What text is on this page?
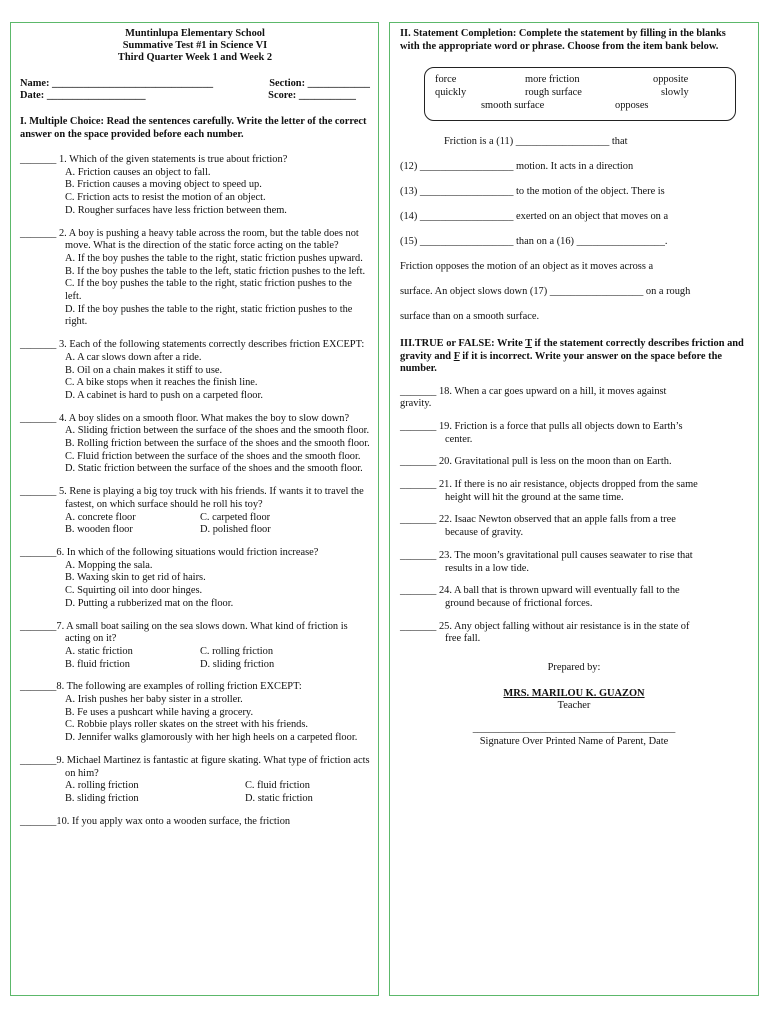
Muntinlupa Elementary School
Summative Test #1 in Science VI
Third Quarter Week 1 and Week 2
Name: _______________________________	Section: ____________
Date: ___________________	Score: ___________
I. Multiple Choice: Read the sentences carefully. Write the letter of the correct answer on the space provided before each number.
_______ 1. Which of the given statements is true about friction?
A. Friction causes an object to fall.
B. Friction causes a moving object to speed up.
C. Friction acts to resist the motion of an object.
D. Rougher surfaces have less friction between them.
_______ 2. A boy is pushing a heavy table across the room, but the table does not move. What is the direction of the static force acting on the table?
A. If the boy pushes the table to the right, static friction pushes upward.
B. If the boy pushes the table to the left, static friction pushes to the left.
C. If the boy pushes the table to the right, static friction pushes to the left.
D. If the boy pushes the table to the right, static friction pushes to the right.
_______ 3. Each of the following statements correctly describes friction EXCEPT:
A. A car slows down after a ride.
B. Oil on a chain makes it stiff to use.
C. A bike stops when it reaches the finish line.
D. A cabinet is hard to push on a carpeted floor.
_______ 4. A boy slides on a smooth floor. What makes the boy to slow down?
A. Sliding friction between the surface of the shoes and the smooth floor.
B. Rolling friction between the surface of the shoes and the smooth floor.
C. Fluid friction between the surface of the shoes and the smooth floor.
D. Static friction between the surface of the shoes and the smooth floor.
_______ 5. Rene is playing a big toy truck with his friends. If wants it to travel the fastest, on which surface should he roll his toy?
A. concrete floor	C. carpeted floor
B. wooden floor	D. polished floor
_______6. In which of the following situations would friction increase?
A. Mopping the sala.
B. Waxing skin to get rid of hairs.
C. Squirting oil into door hinges.
D. Putting a rubberized mat on the floor.
_______7. A small boat sailing on the sea slows down. What kind of friction is acting on it?
A. static friction	C. rolling friction
B. fluid friction	D. sliding friction
_______8. The following are examples of rolling friction EXCEPT:
A. Irish pushes her baby sister in a stroller.
B. Fe uses a pushcart while having a grocery.
C. Robbie plays roller skates on the street with his friends.
D. Jennifer walks glamorously with her high heels on a carpeted floor.
_______9. Michael Martinez is fantastic at figure skating. What type of friction acts on him?
A. rolling friction	C. fluid friction
B. sliding friction	D. static friction
_______10. If you apply wax onto a wooden surface, the friction
II. Statement Completion: Complete the statement by filling in the blanks with the appropriate word or phrase. Choose from the item bank below.
force	more friction	opposite
quickly	rough surface	slowly
smooth surface	opposes
Friction is a (11) __________________ that
(12) __________________ motion. It acts in a direction
(13) __________________ to the motion of the object. There is
(14) __________________ exerted on an object that moves on a
(15) __________________ than on a (16) _________________.
Friction opposes the motion of an object as it moves across a
surface. An object slows down (17) __________________ on a rough
surface than on a smooth surface.
III.TRUE or FALSE: Write T if the statement correctly describes friction and gravity and F if it is incorrect. Write your answer on the space before the number.
_______ 18. When a car goes upward on a hill, it moves against
gravity.
_______ 19. Friction is a force that pulls all objects down to Earth’s
center.
_______ 20. Gravitational pull is less on the moon than on Earth.
_______ 21. If there is no air resistance, objects dropped from the same
height will hit the ground at the same time.
_______ 22. Isaac Newton observed that an apple falls from a tree
because of gravity.
_______ 23. The moon’s gravitational pull causes seawater to rise that
results in a low tide.
_______ 24. A ball that is thrown upward will eventually fall to the
ground because of frictional forces.
_______ 25. Any object falling without air resistance is in the state of
free fall.
Prepared by:
MRS. MARILOU K. GUAZON
Teacher
_______________________________________
Signature Over Printed Name of Parent, Date
